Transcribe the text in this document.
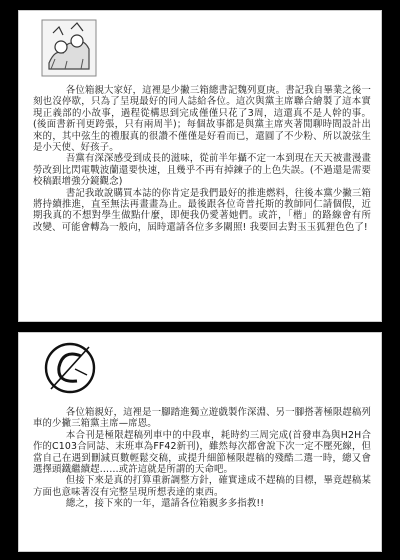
各位箱親大家好，這裡是少撇三箱總書記魏列夏庚。書記我自畢業之後一刻也沒停歇，只為了呈現最好的同人誌給各位。這次與黨主席聯合繪製了這本實現正義部的小故事，過程從構思到完成僅僅只花了3周，這還真不是人幹的事。(後面書新刊更跨張，只有兩周半)；每個故事都是與黨主席夾著閒聊時間設計出來的，其中弦生的禮服真的很讚不僅僅是好看而已，還圓了不少粉、所以說弦生是小天使、好孩子。

吾黨有深深感受到成長的滋味，從前半年攝不定一本到現在天天被畫漫畫勞改到比閃電戰波蘭還要快速，且幾乎不再有掉鍊子的上色失誤。(不過還是需要校稿跟增強分鏡觀念)

書記我敢說購買本誌的你肯定是我們最好的推進燃料，往後本黨少撇三箱將持續推進，直至無法再畫畫為止。最後跟各位奇普托斯的教師同仁請個假，近期我真的不想對學生做點什麼，即便我仍愛著她們。或許，「楷」的路線會有所改變、可能會轉為一般向，屆時還請各位多多關照! 我要回去對玉玉狐狸色色了!

各位箱親好，這裡是一腳踏進獨立遊戲製作深淵、另一腳搭著極限趕稿列車的少撇三箱黨主席—席恩。

本合刊是極限趕稿列車中的中段車，耗時約三周完成(首發車為與H2H合作的C103合同誌、末班車為FF42新刊)，雖然每次都會說下次一定不壓死線，但當自己在遇到刪減頁數輕鬆交稿，或提升細節極限趕稿的殘酷二選一時，總又會選擇頭鐵繼續趕……或許這就是所謂的天命吧。

但接下來是真的打算重新調整方針，確實達成不趕稿的目標，畢竟趕稿某方面也意味著沒有完整呈現所想表達的東西。

總之，接下來的一年，還請各位箱親多多指教!!
